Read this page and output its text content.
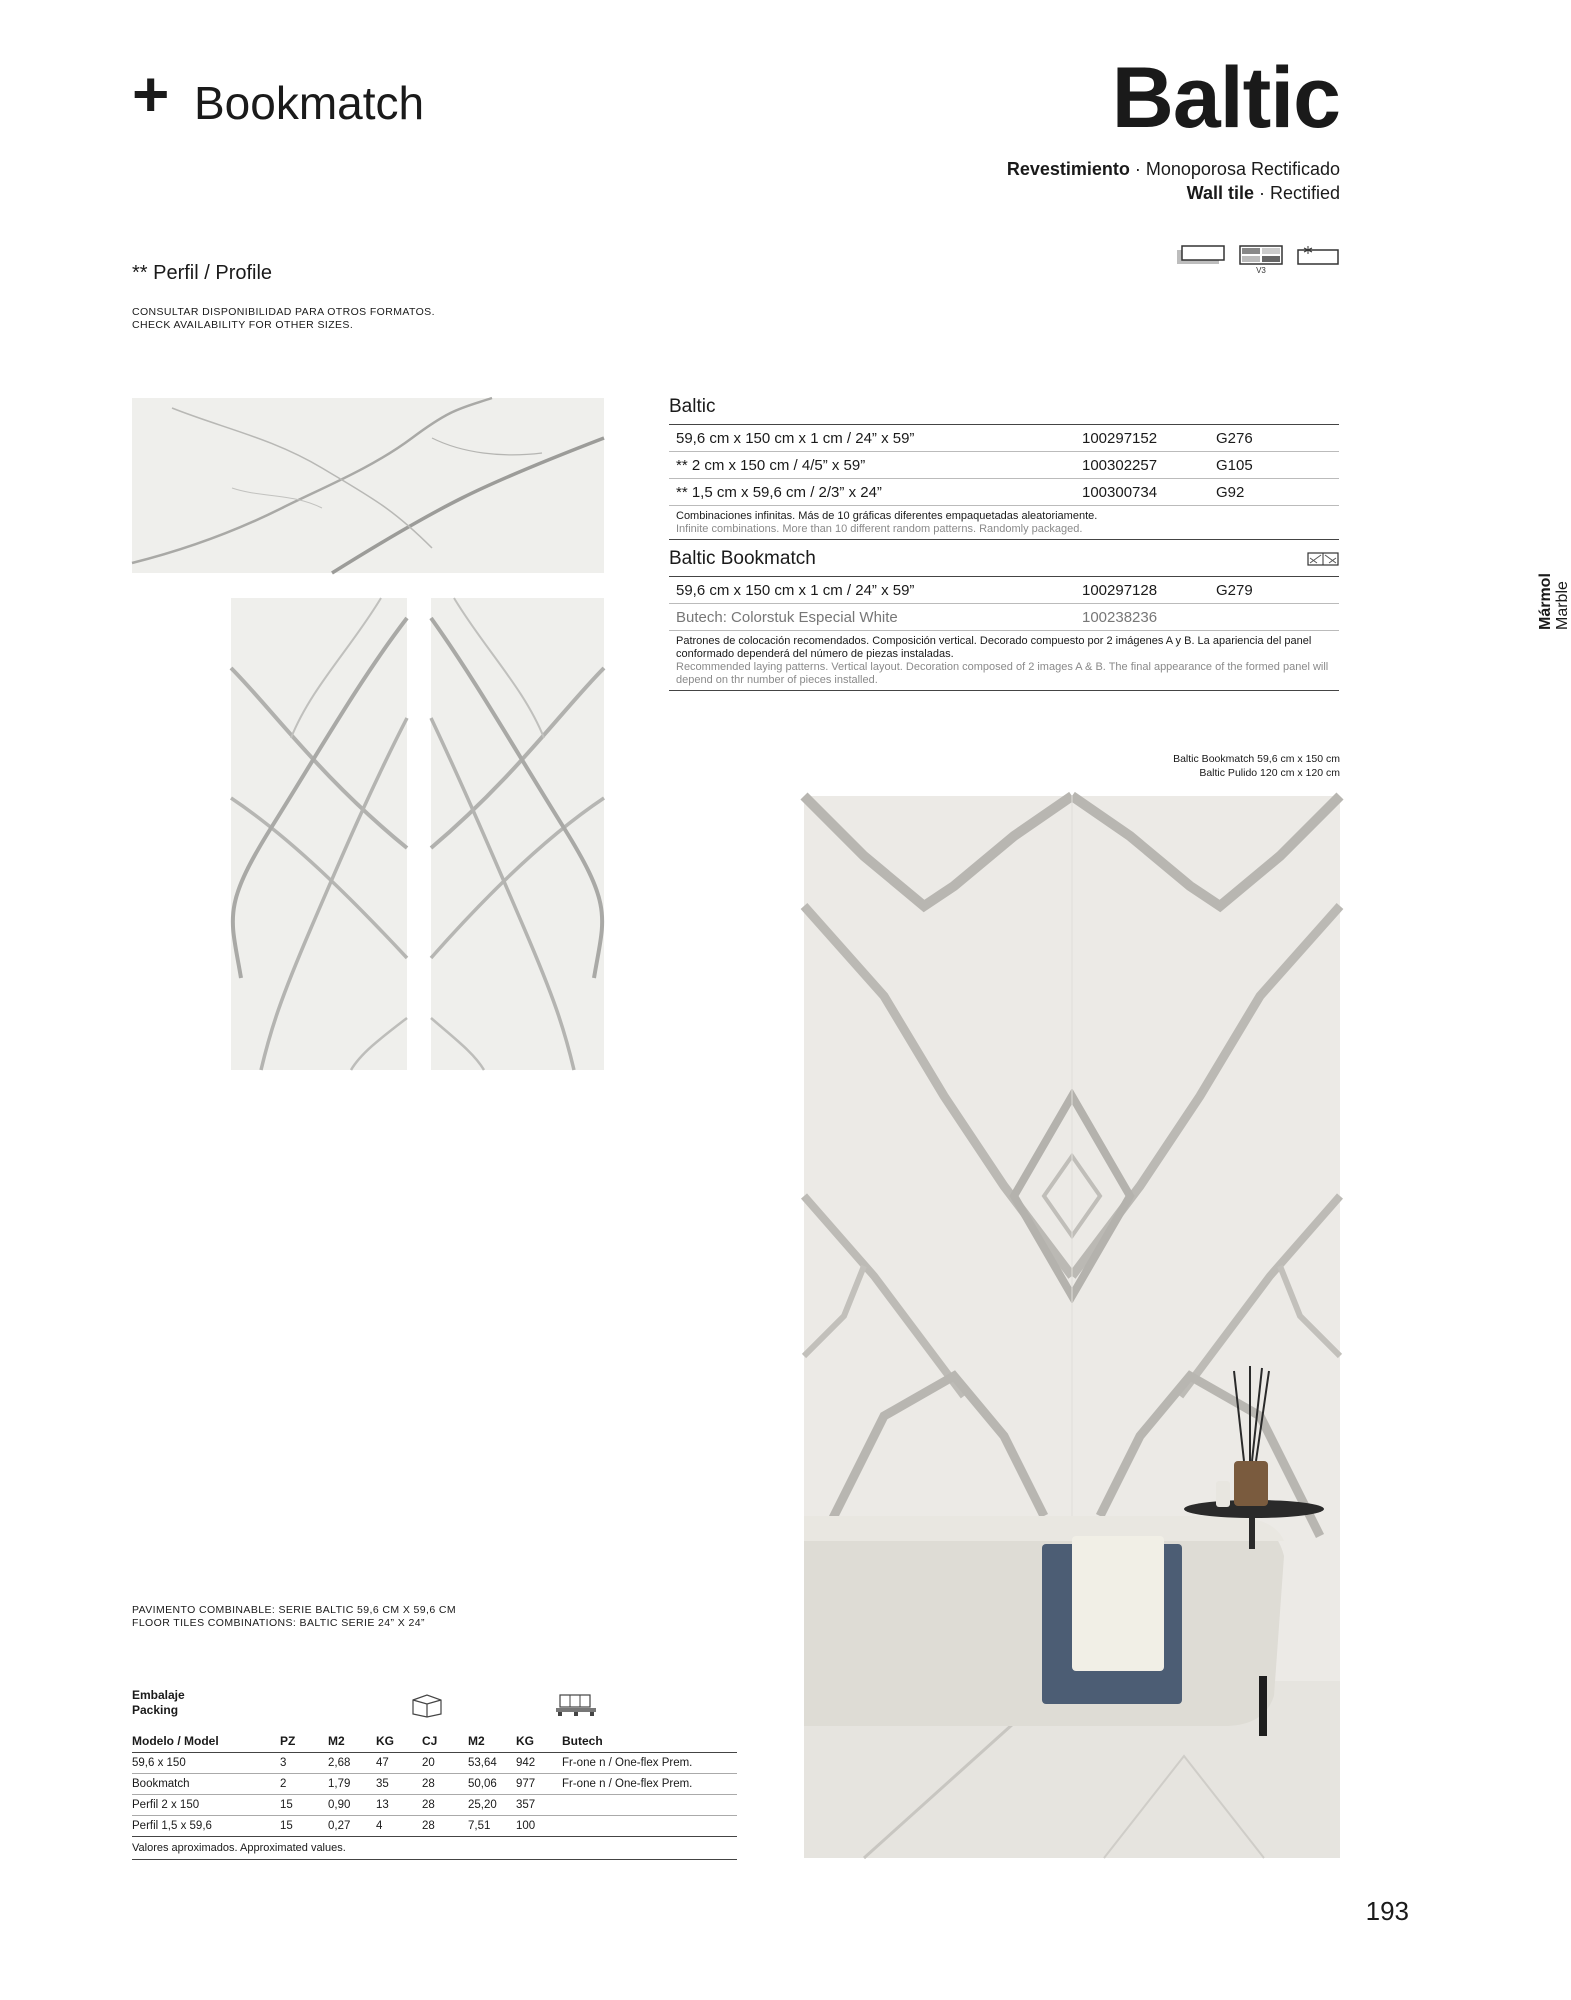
+ Bookmatch	Baltic
Revestimiento · Monoporosa Rectificado
Wall tile · Rectified
V3
** Perfil / Profile
CONSULTAR DISPONIBILIDAD PARA OTROS FORMATOS.
CHECK AVAILABILITY FOR OTHER SIZES.
Baltic
59,6 cm x 150 cm x 1 cm / 24” x 59”	100297152	G276
** 2 cm x 150 cm / 4/5” x 59”	100302257	G105
** 1,5 cm x 59,6 cm / 2/3” x 24”	100300734	G92
Combinaciones infinitas. Más de 10 gráficas diferentes empaquetadas aleatoriamente.
Infinite combinations. More than 10 different random patterns. Randomly packaged.
Baltic Bookmatch
59,6 cm x 150 cm x 1 cm / 24” x 59”	100297128	G279
Butech: Colorstuk Especial White	100238236
Patrones de colocación recomendados. Composición vertical. Decorado compuesto por 2 imágenes A y B. La apariencia del panel conformado dependerá del número de piezas instaladas.
Recommended laying patterns. Vertical layout. Decoration composed of 2 images A & B. The final appearance of the formed panel will depend on thr number of pieces installed.
Mármol Marble
Baltic Bookmatch 59,6 cm x 150 cm
Baltic Pulido 120 cm x 120 cm
PAVIMENTO COMBINABLE: SERIE BALTIC 59,6 CM X 59,6 CM
FLOOR TILES COMBINATIONS: BALTIC SERIE 24” X 24”
Embalaje
Packing
Modelo / Model	PZ	M2	KG	CJ	M2	KG	Butech
59,6 x 150	3	2,68	47	20	53,64	942	Fr-one n / One-flex Prem.
Bookmatch	2	1,79	35	28	50,06	977	Fr-one n / One-flex Prem.
Perfil 2 x 150	15	0,90	13	28	25,20	357	
Perfil 1,5 x 59,6	15	0,27	4	28	7,51	100	
Valores aproximados. Approximated values.
193
